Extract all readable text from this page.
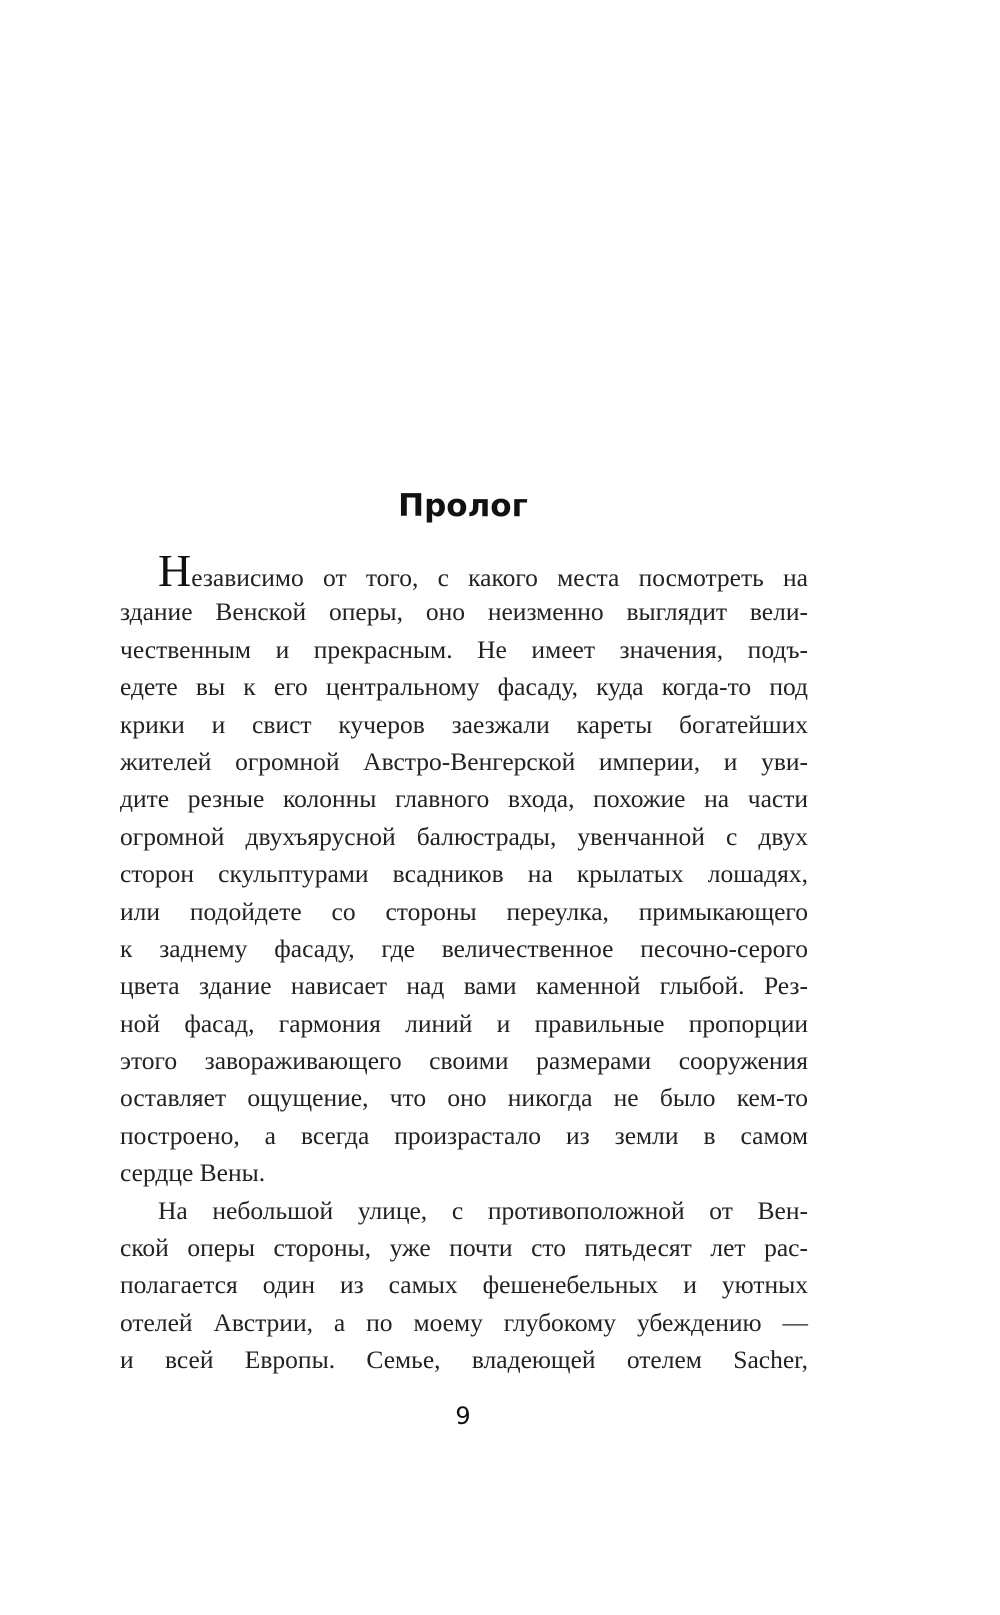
Пролог
Независимо от того, с какого места посмотреть на
здание Венской оперы, оно неизменно выглядит вели-
чественным и прекрасным. Не имеет значения, подъ-
едете вы к его центральному фасаду, куда когда-то под
крики и свист кучеров заезжали кареты богатейших
жителей огромной Австро-Венгерской империи, и уви-
дите резные колонны главного входа, похожие на части
огромной двухъярусной балюстрады, увенчанной с двух
сторон скульптурами всадников на крылатых лошадях,
или подойдете со стороны переулка, примыкающего
к заднему фасаду, где величественное песочно-серого
цвета здание нависает над вами каменной глыбой. Рез-
ной фасад, гармония линий и правильные пропорции
этого завораживающего своими размерами сооружения
оставляет ощущение, что оно никогда не было кем-то
построено, а всегда произрастало из земли в самом
сердце Вены.
На небольшой улице, с противоположной от Вен-
ской оперы стороны, уже почти сто пятьдесят лет рас-
полагается один из самых фешенебельных и уютных
отелей Австрии, а по моему глубокому убеждению —
и всей Европы. Семье, владеющей отелем Sacher,
9
